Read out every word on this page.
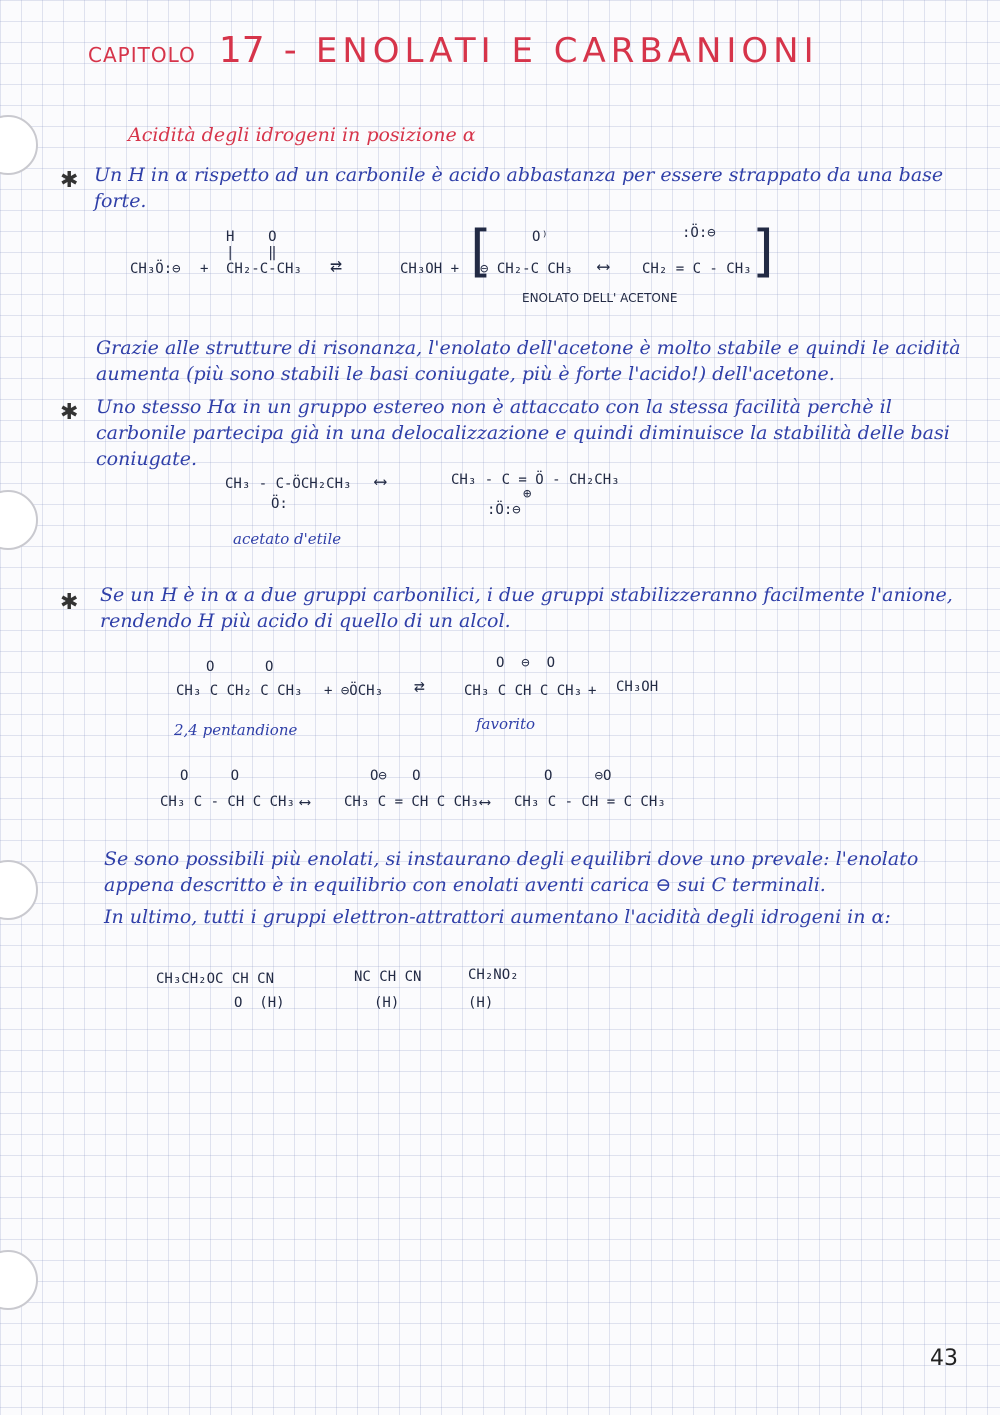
CAPITOLO 17 - ENOLATI E CARBANIONI
Acidità degli idrogeni in posizione α
✱ Un H in α rispetto ad un carbonile è acido abbastanza per essere strappato da una base forte.
CH₃Ö:⊖ +
H    O
|    ‖
CH₂-C-CH₃ ⇄	CH₃OH + [	O⁾
⊖ CH₂-C CH₃ ⟷
:Ö:⊖
CH₂ = C - CH₃ ]
ENOLATO DELL' ACETONE
Grazie alle strutture di risonanza, l'enolato dell'acetone è molto stabile e quindi le acidità aumenta (più sono stabili le basi coniugate, più è forte l'acido!) dell'acetone.
✱ Uno stesso Hα in un gruppo estereo non è attaccato con la stessa facilità perchè il carbonile partecipa già in una delocalizzazione e quindi diminuisce la stabilità delle basi coniugate.
CH₃ - C-ÖCH₂CH₃
Ö:
⟷	CH₃ - C = Ö - CH₂CH₃
⊕
:Ö:⊖
acetato d'etile
✱ Se un H è in α a due gruppi carbonilici, i due gruppi stabilizzeranno facilmente l'anione, rendendo H più acido di quello di un alcol.
O      O
CH₃ C CH₂ C CH₃ + ⊖ÖCH₃ ⇄
O  ⊖  O
CH₃ C CH C CH₃ + CH₃OH
2,4 pentandione	favorito
O     O
CH₃ C - CH C CH₃ ⟷
O⊖   O
CH₃ C = CH C CH₃ ⟷
O     ⊖O
CH₃ C - CH = C CH₃
Se sono possibili più enolati, si instaurano degli equilibri dove uno prevale: l'enolato appena descritto è in equilibrio con enolati aventi carica ⊖ sui C terminali.
In ultimo, tutti i gruppi elettron-attrattori aumentano l'acidità degli idrogeni in α:
CH₃CH₂OC CH CN
O  (H)
NC CH CN
(H)
CH₂NO₂
(H)
43
